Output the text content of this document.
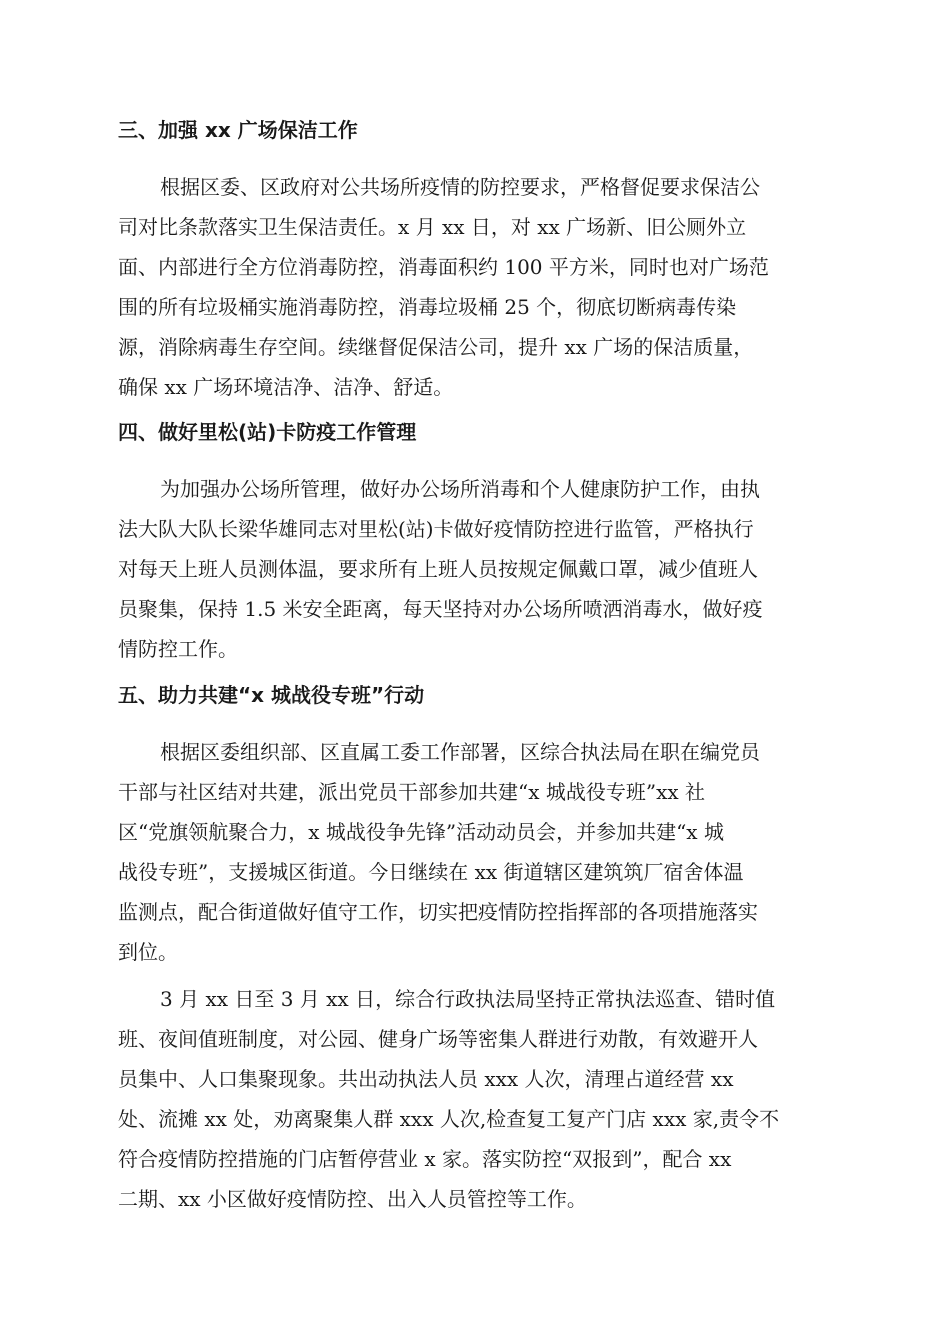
三、加强 xx 广场保洁工作
根据区委、区政府对公共场所疫情的防控要求，严格督促要求保洁公
司对比条款落实卫生保洁责任。x 月 xx 日，对 xx 广场新、旧公厕外立
面、内部进行全方位消毒防控，消毒面积约 100 平方米，同时也对广场范
围的所有垃圾桶实施消毒防控，消毒垃圾桶 25 个，彻底切断病毒传染
源，消除病毒生存空间。续继督促保洁公司，提升 xx 广场的保洁质量，
确保 xx 广场环境洁净、洁净、舒适。
四、做好里松(站)卡防疫工作管理
为加强办公场所管理，做好办公场所消毒和个人健康防护工作，由执
法大队大队长梁华雄同志对里松(站)卡做好疫情防控进行监管，严格执行
对每天上班人员测体温，要求所有上班人员按规定佩戴口罩，减少值班人
员聚集，保持 1.5 米安全距离，每天坚持对办公场所喷洒消毒水，做好疫
情防控工作。
五、助力共建“x 城战役专班”行动
根据区委组织部、区直属工委工作部署，区综合执法局在职在编党员
干部与社区结对共建，派出党员干部参加共建“x 城战役专班”xx 社
区“党旗领航聚合力，x 城战役争先锋”活动动员会，并参加共建“x 城
战役专班”，支援城区街道。今日继续在 xx 街道辖区建筑筑厂宿舍体温
监测点，配合街道做好值守工作，切实把疫情防控指挥部的各项措施落实
到位。
3 月 xx 日至 3 月 xx 日，综合行政执法局坚持正常执法巡查、错时值
班、夜间值班制度，对公园、健身广场等密集人群进行劝散，有效避开人
员集中、人口集聚现象。共出动执法人员 xxx 人次，清理占道经营 xx
处、流摊 xx 处，劝离聚集人群 xxx 人次,检查复工复产门店 xxx 家,责令不
符合疫情防控措施的门店暂停营业 x 家。落实防控“双报到”，配合 xx
二期、xx 小区做好疫情防控、出入人员管控等工作。
